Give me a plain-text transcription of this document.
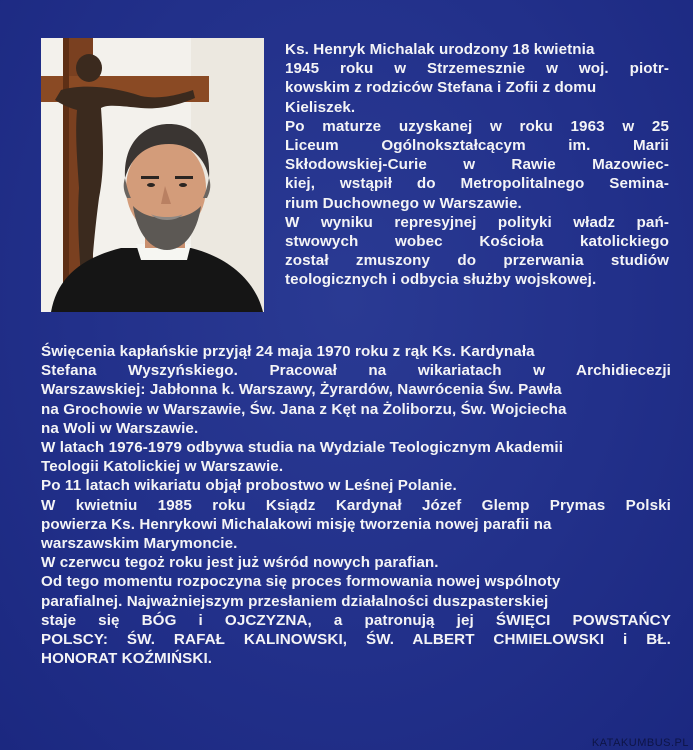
Ks. Henryk Michalak urodzony 18 kwietnia
1945 roku w Strzemesznie w woj. piotr-
kowskim z rodziców Stefana i Zofii z domu
Kieliszek.
Po maturze uzyskanej w roku 1963 w 25
Liceum Ogólnokształcącym im. Marii
Skłodowskiej-Curie w Rawie Mazowiec-
kiej, wstąpił do Metropolitalnego Semina-
rium Duchownego w Warszawie.
W wyniku represyjnej polityki władz pań-
stwowych wobec Kościoła katolickiego
został zmuszony do przerwania studiów
teologicznych i odbycia służby wojskowej.
Święcenia kapłańskie przyjął 24 maja 1970 roku z rąk Ks. Kardynała
Stefana Wyszyńskiego. Pracował na wikariatach w Archidiecezji
Warszawskiej: Jabłonna k. Warszawy, Żyrardów, Nawrócenia Św. Pawła
na Grochowie w Warszawie, Św. Jana z Kęt na Żoliborzu, Św. Wojciecha
na Woli w Warszawie.
W latach 1976-1979 odbywa studia na Wydziale Teologicznym Akademii
Teologii Katolickiej w Warszawie.
Po 11 latach wikariatu objął probostwo w Leśnej Polanie.
W kwietniu 1985 roku Ksiądz Kardynał Józef Glemp Prymas Polski
powierza Ks. Henrykowi Michalakowi misję tworzenia nowej parafii na
warszawskim Marymoncie.
W czerwcu tegoż roku jest już wśród nowych parafian.
Od tego momentu rozpoczyna się proces formowania nowej wspólnoty
parafialnej. Najważniejszym przesłaniem działalności duszpasterskiej
staje się BÓG i OJCZYZNA, a patronują jej ŚWIĘCI POWSTAŃCY
POLSCY: ŚW. RAFAŁ KALINOWSKI, ŚW. ALBERT CHMIELOWSKI i BŁ.
HONORAT KOŹMIŃSKI.
KATAKUMBUS.PL
